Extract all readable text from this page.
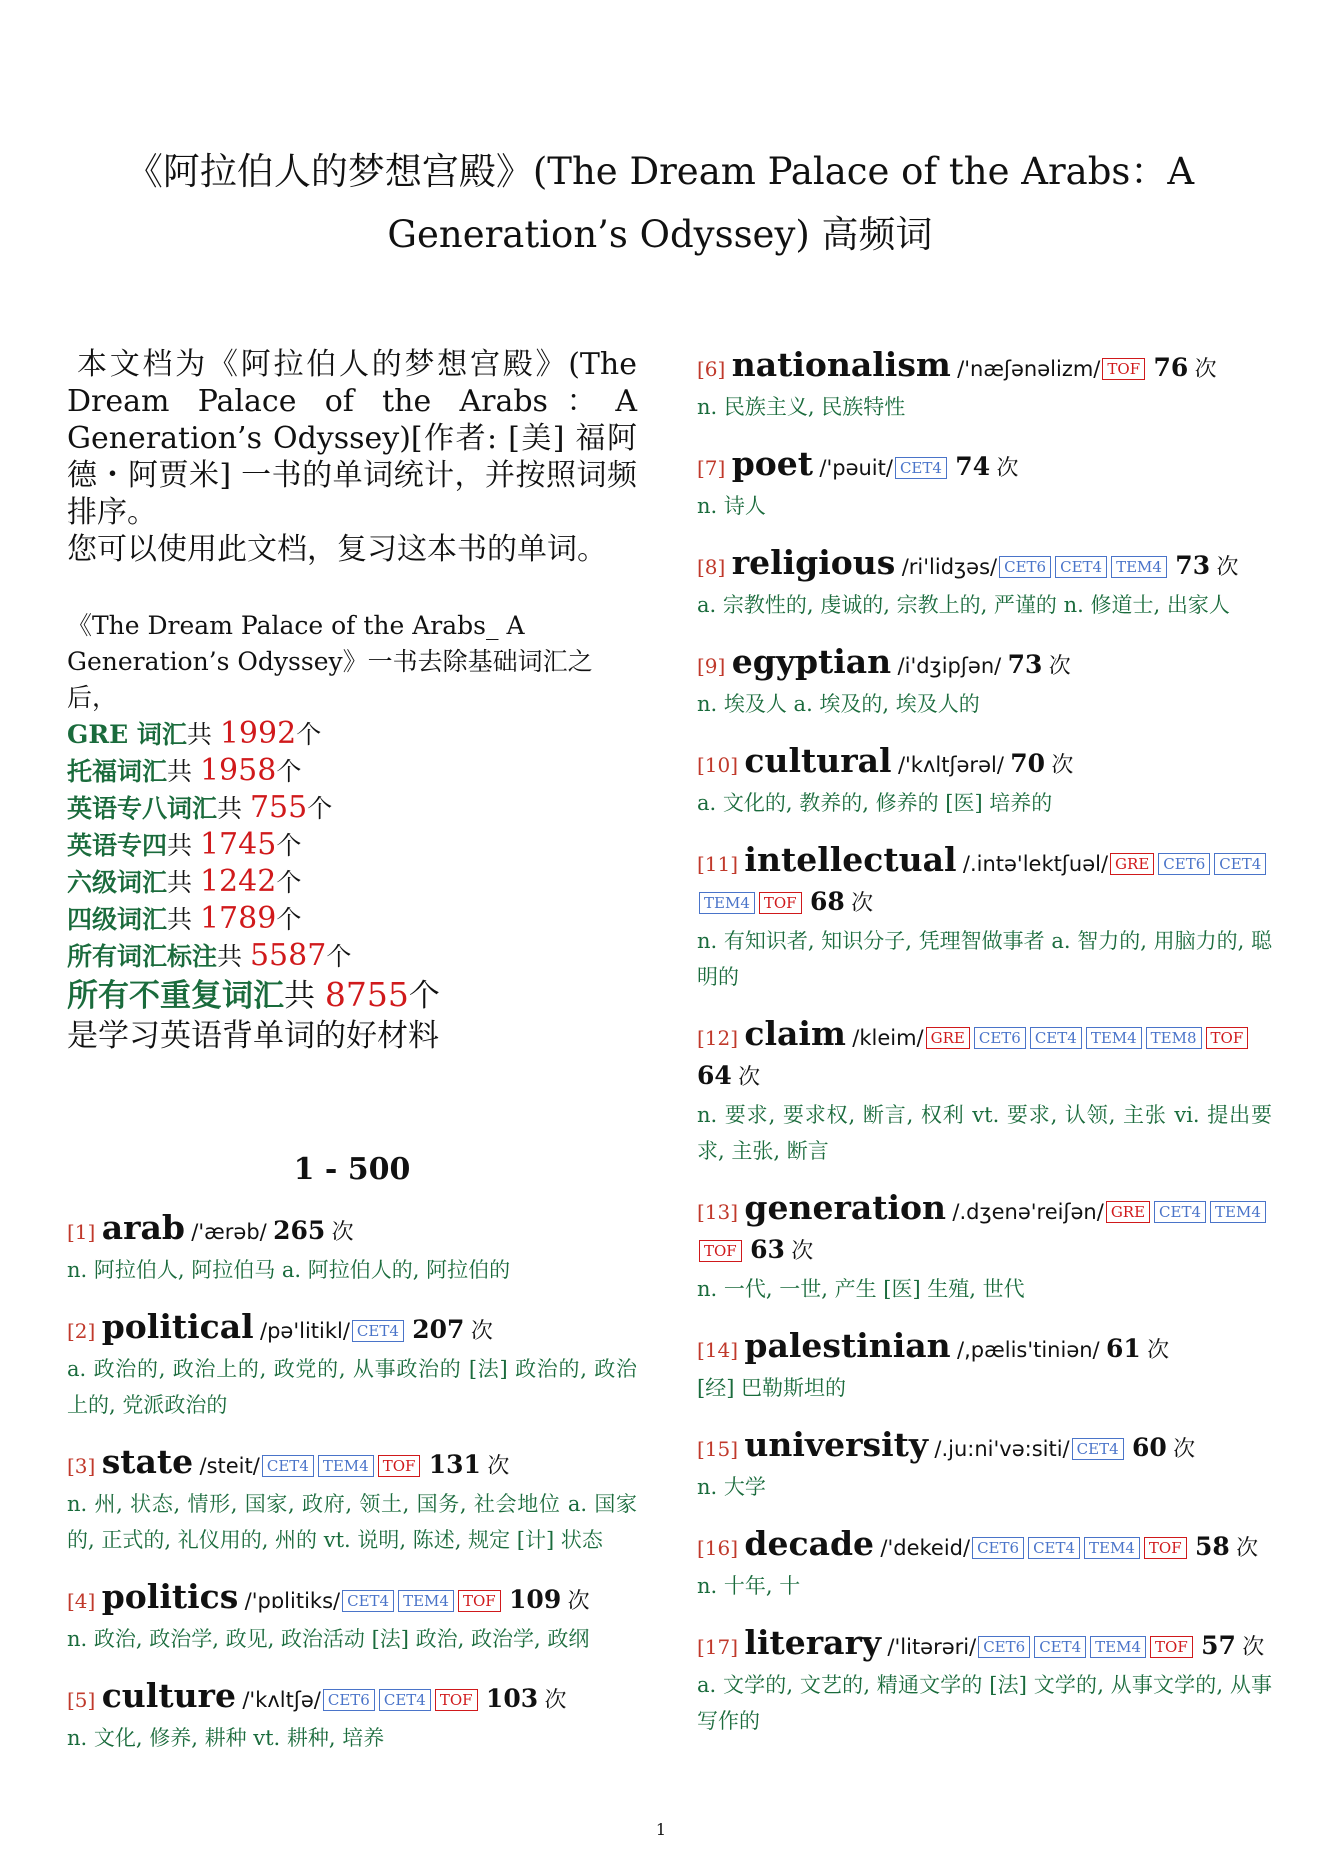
《阿拉伯人的梦想宫殿》(The Dream Palace of the Arabs：A Generation’s Odyssey) 高频词

本文档为《阿拉伯人的梦想宫殿》(The Dream Palace of the Arabs：A Generation’s Odyssey)[作者: [美] 福阿德・阿贾米] 一书的单词统计，并按照词频排序。

您可以使用此文档，复习这本书的单词。

《The Dream Palace of the Arabs_ A Generation’s Odyssey》一书去除基础词汇之后，
GRE 词汇共 1992个
托福词汇共 1958个
英语专八词汇共 755个
英语专四共 1745个
六级词汇共 1242个
四级词汇共 1789个
所有词汇标注共 5587个
所有不重复词汇共 8755个
是学习英语背单词的好材料
1 - 500
[1] arab /'ærəb/ 265 次
n. 阿拉伯人, 阿拉伯马 a. 阿拉伯人的, 阿拉伯的
[2] political /pə'litikl/ CET4 207 次
a. 政治的, 政治上的, 政党的, 从事政治的 [法] 政治的, 政治上的, 党派政治的
[3] state /steit/ CET4 TEM4 TOF 131 次
n. 州, 状态, 情形, 国家, 政府, 领土, 国务, 社会地位 a. 国家的, 正式的, 礼仪用的, 州的 vt. 说明, 陈述, 规定 [计] 状态
[4] politics /'pɒlitiks/ CET4 TEM4 TOF 109 次
n. 政治, 政治学, 政见, 政治活动 [法] 政治, 政治学, 政纲
[5] culture /'kʌltʃə/ CET6 CET4 TOF 103 次
n. 文化, 修养, 耕种 vt. 耕种, 培养
[6] nationalism /'næʃənəlizm/ TOF 76 次
n. 民族主义, 民族特性
[7] poet /'pəuit/ CET4 74 次
n. 诗人
[8] religious /ri'lidʒəs/ CET6 CET4 TEM4 73 次
a. 宗教性的, 虔诚的, 宗教上的, 严谨的 n. 修道士, 出家人
[9] egyptian /i'dʒipʃən/ 73 次
n. 埃及人 a. 埃及的, 埃及人的
[10] cultural /'kʌltʃərəl/ 70 次
a. 文化的, 教养的, 修养的 [医] 培养的
[11] intellectual /.intə'lektʃuəl/ GRE CET6 CET4TEM4 TOF 68 次
n. 有知识者, 知识分子, 凭理智做事者 a. 智力的, 用脑力的, 聪明的
[12] claim /kleim/ GRE CET6 CET4 TEM4 TEM8 TOF 64 次
n. 要求, 要求权, 断言, 权利 vt. 要求, 认领, 主张 vi. 提出要求, 主张, 断言
[13] generation /.dʒenə'reiʃən/ GRE CET4 TEM4TOF 63 次
n. 一代, 一世, 产生 [医] 生殖, 世代
[14] palestinian /,pælis'tiniən/ 61 次
[经] 巴勒斯坦的
[15] university /.ju:ni'və:siti/ CET4 60 次
n. 大学
[16] decade /'dekeid/ CET6 CET4 TEM4 TOF 58 次
n. 十年, 十
[17] literary /'litərəri/ CET6 CET4 TEM4 TOF 57 次
a. 文学的, 文艺的, 精通文学的 [法] 文学的, 从事文学的, 从事写作的
1
